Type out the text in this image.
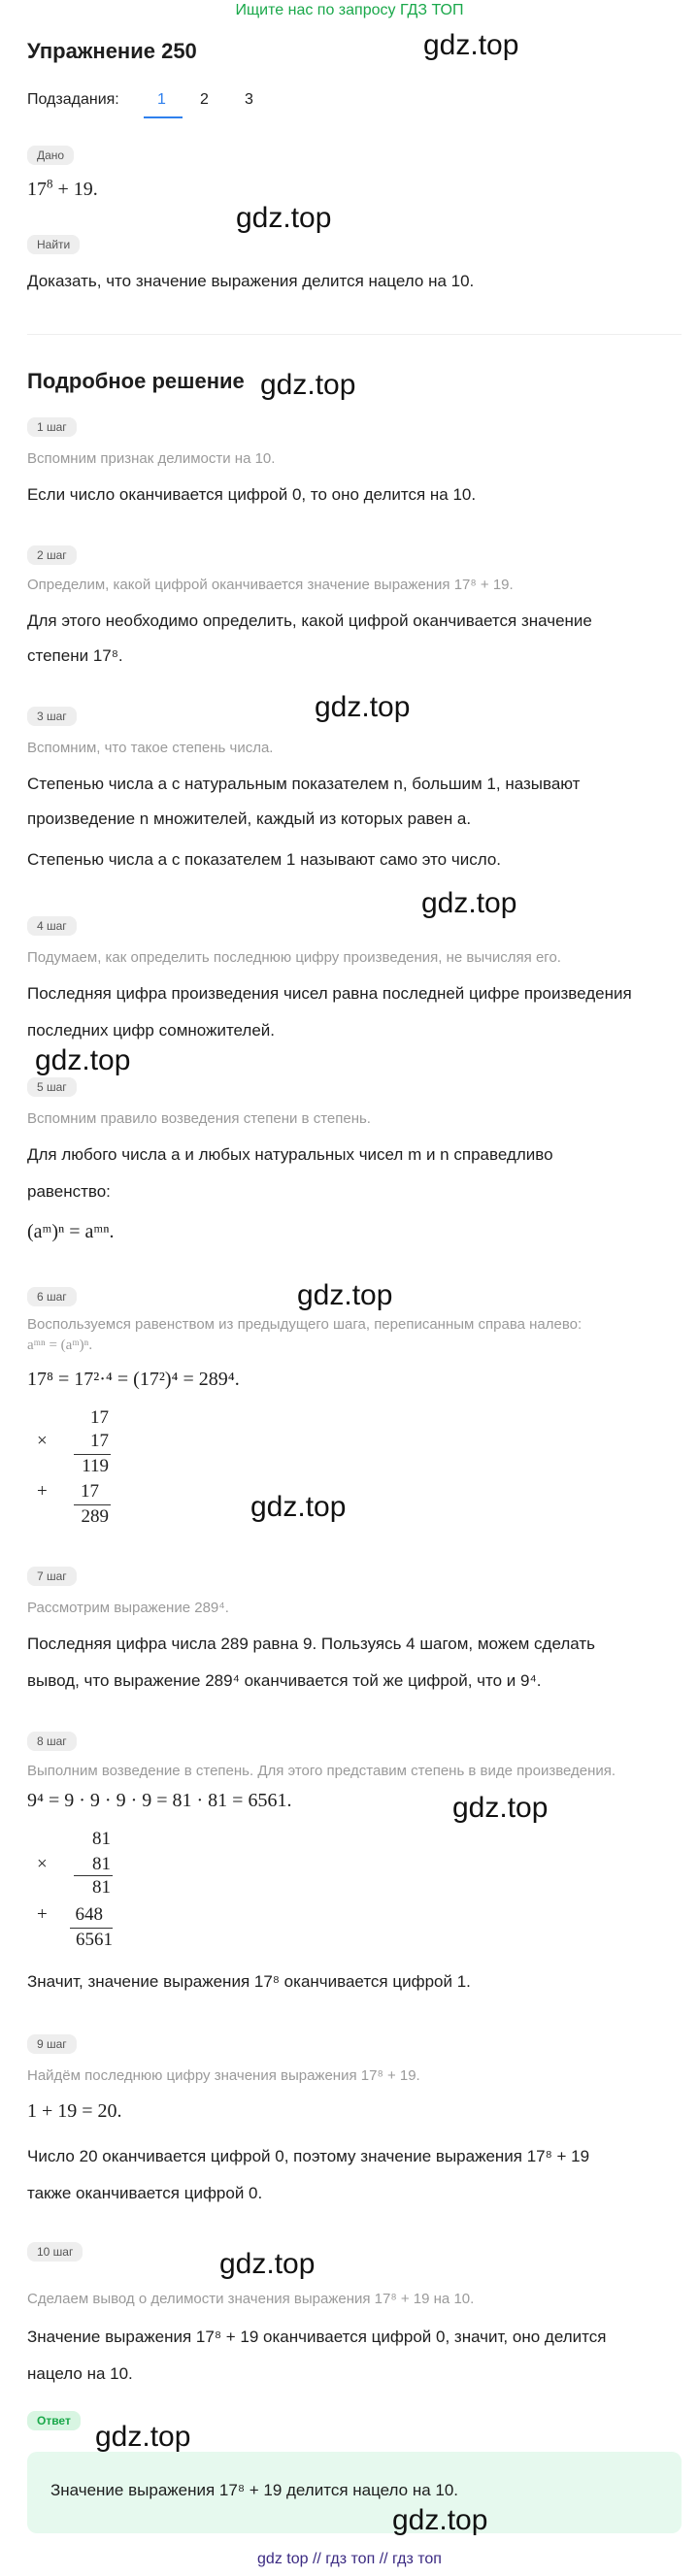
Ищите нас по запросу ГДЗ ТОП
Упражнение 250	gdz.top
Подзадания: 1 2 3
Дано
$17^8 + 19$.
gdz.top
Найти
Доказать, что значение выражения делится нацело на 10.
Подробное решение gdz.top
1 шаг
Вспомним признак делимости на 10.
Если число оканчивается цифрой 0, то оно делится на 10.
2 шаг
Определим, какой цифрой оканчивается значение выражения 17⁸ + 19.
Для этого необходимо определить, какой цифрой оканчивается значение
степени 17⁸.
gdz.top
3 шаг
Вспомним, что такое степень числа.
Степенью числа a с натуральным показателем n, большим 1, называют
произведение n множителей, каждый из которых равен a.
Степенью числа a с показателем 1 называют само это число.
gdz.top
4 шаг
Подумаем, как определить последнюю цифру произведения, не вычисляя его.
Последняя цифра произведения чисел равна последней цифре произведения
последних цифр сомножителей.
gdz.top
5 шаг
Вспомним правило возведения степени в степень.
Для любого числа a и любых натуральных чисел m и n справедливо
равенство:
(aᵐ)ⁿ = aᵐⁿ.
gdz.top
6 шаг
Воспользуемся равенством из предыдущего шага, переписанным справа налево:
aᵐⁿ = (aᵐ)ⁿ.
17⁸ = 17²·⁴ = (17²)⁴ = 289⁴.
17
×	17
119
+	17
289	gdz.top
7 шаг
Рассмотрим выражение 289⁴.
Последняя цифра числа 289 равна 9. Пользуясь 4 шагом, можем сделать
вывод, что выражение 289⁴ оканчивается той же цифрой, что и 9⁴.
8 шаг
Выполним возведение в степень. Для этого представим степень в виде произведения.
9⁴ = 9 · 9 · 9 · 9 = 81 · 81 = 6561.	gdz.top
81
×	81
81
+ 648
6561
Значит, значение выражения 17⁸ оканчивается цифрой 1.
9 шаг
Найдём последнюю цифру значения выражения 17⁸ + 19.
1 + 19 = 20.
Число 20 оканчивается цифрой 0, поэтому значение выражения 17⁸ + 19
также оканчивается цифрой 0.
10 шаг	gdz.top
Сделаем вывод о делимости значения выражения 17⁸ + 19 на 10.
Значение выражения 17⁸ + 19 оканчивается цифрой 0, значит, оно делится
нацело на 10.
Ответ gdz.top
Значение выражения 17⁸ + 19 делится нацело на 10.
gdz.top
gdz top // гдз топ // гдз топ
